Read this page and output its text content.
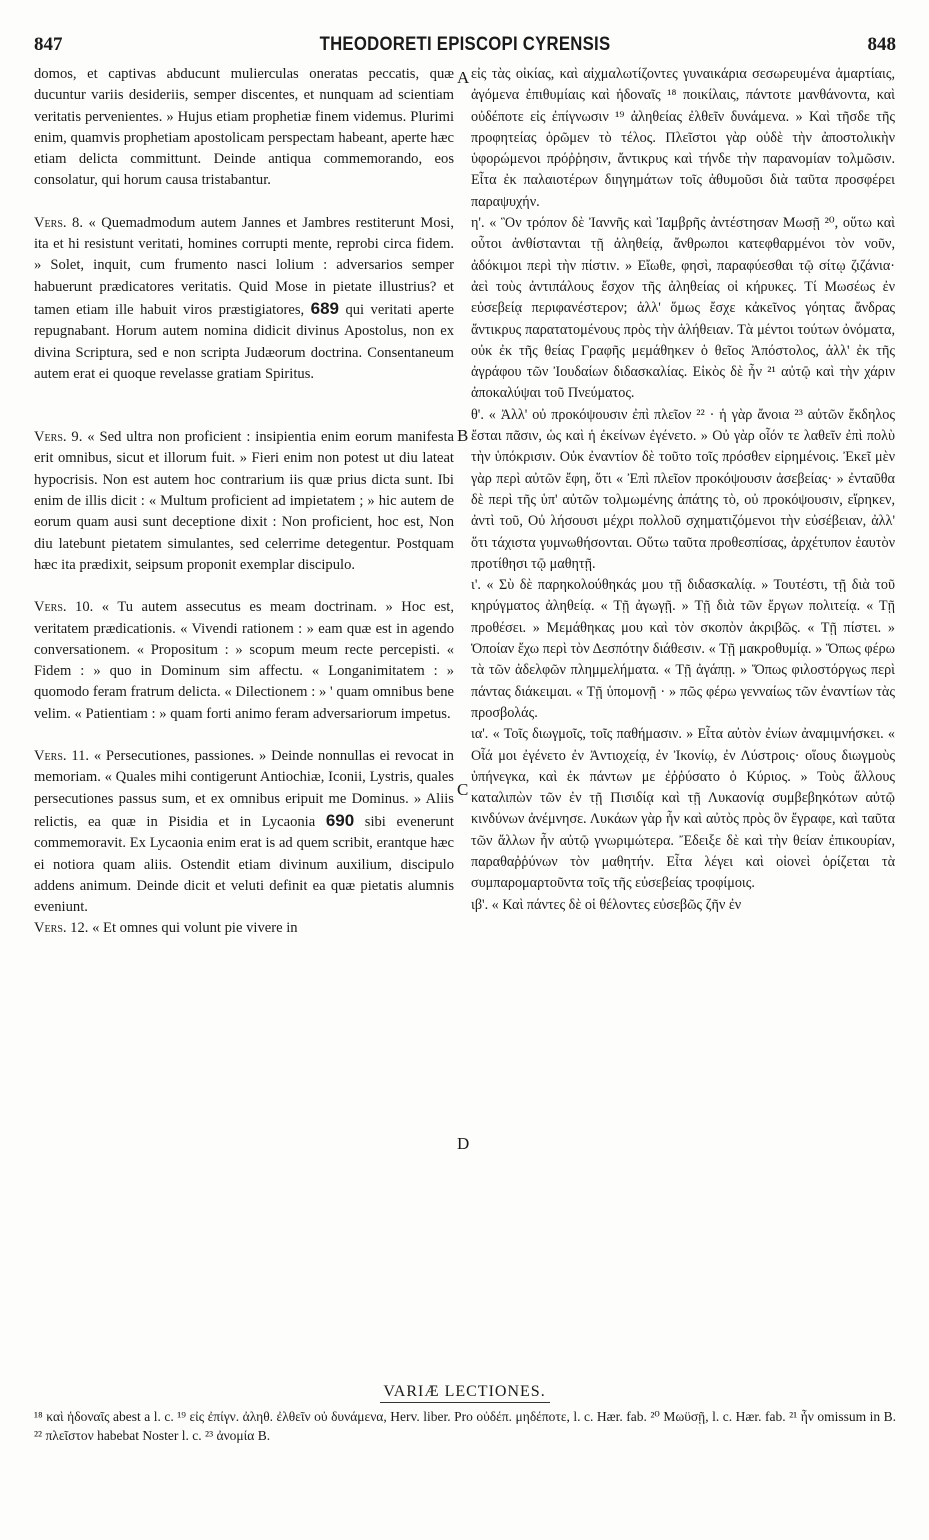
847	THEODORETI EPISCOPI CYRENSIS	848

domos, et captivas abducunt mulierculas oneratas peccatis, quæ ducuntur variis desideriis, semper discentes, et nunquam ad scientiam veritatis pervenientes. » Hujus etiam prophetiæ finem videmus. Plurimi enim, quamvis prophetiam apostolicam perspectam habeant, aperte hæc etiam delicta committunt. Deinde antiqua commemorando, eos consolatur, qui horum causa tristabantur.

Vers. 8. « Quemadmodum autem Jannes et Jambres restiterunt Mosi, ita et hi resistunt veritati, homines corrupti mente, reprobi circa fidem. » Solet, inquit, cum frumento nasci lolium : adversarios semper habuerunt prædicatores veritatis. Quid Mose in pietate illustrius? et tamen etiam ille habuit viros præstigiatores, 689 qui veritati aperte repugnabant. Horum autem nomina didicit divinus Apostolus, non ex divina Scriptura, sed e non scripta Judæorum doctrina. Consentaneum autem erat ei quoque revelasse gratiam Spiritus.

Vers. 9. « Sed ultra non proficient : insipientia enim eorum manifesta erit omnibus, sicut et illorum fuit. » Fieri enim non potest ut diu lateat hypocrisis. Non est autem hoc contrarium iis quæ prius dicta sunt. Ibi enim de illis dicit : « Multum proficient ad impietatem ; » hic autem de eorum quam ausi sunt deceptione dixit : Non proficient, hoc est, Non diu latebunt pietatem simulantes, sed celerrime detegentur. Postquam hæc ita prædixit, seipsum proponit exemplar discipulo.

Vers. 10. « Tu autem assecutus es meam doctrinam. » Hoc est, veritatem prædicationis. « Vivendi rationem : » eam quæ est in agendo conversationem. « Propositum : » scopum meum recte percepisti. « Fidem : » quo in Dominum sim affectu. « Longanimitatem : » quomodo feram fratrum delicta. « Dilectionem : » ' quam omnibus bene velim. « Patientiam : » quam forti animo feram adversariorum impetus.

Vers. 11. « Persecutiones, passiones. » Deinde nonnullas ei revocat in memoriam. « Quales mihi contigerunt Antiochiæ, Iconii, Lystris, quales persecutiones passus sum, et ex omnibus eripuit me Dominus. » Aliis relictis, ea quæ in Pisidia et in Lycaonia 690 sibi evenerunt commemoravit. Ex Lycaonia enim erat is ad quem scribit, erantque hæc ei notiora quam aliis. Ostendit etiam divinum auxilium, discipulo addens animum. Deinde dicit et veluti definit ea quæ pietatis alumnis eveniunt.

Vers. 12. « Et omnes qui volunt pie vivere in

A
B
C
D

εἰς τὰς οἰκίας, καὶ αἰχμαλωτίζοντες γυναικάρια σεσωρευμένα ἁμαρτίαις, ἀγόμενα ἐπιθυμίαις καὶ ἡδοναῖς ¹⁸ ποικίλαις, πάντοτε μανθάνοντα, καὶ οὐδέποτε εἰς ἐπίγνωσιν ¹⁹ ἀληθείας ἐλθεῖν δυνάμενα. » Καὶ τῆσδε τῆς προφητείας ὁρῶμεν τὸ τέλος. Πλεῖστοι γὰρ οὐδὲ τὴν ἀποστολικὴν ὑφορώμενοι πρόῤῥησιν, ἄντικρυς καὶ τήνδε τὴν παρανομίαν τολμῶσιν. Εἶτα ἐκ παλαιοτέρων διηγημάτων τοῖς ἀθυμοῦσι διὰ ταῦτα προσφέρει παραψυχήν.

η'. « Ὃν τρόπον δὲ Ἰαννῆς καὶ Ἰαμβρῆς ἀντέστησαν Μωσῇ ²⁰, οὕτω καὶ οὗτοι ἀνθίστανται τῇ ἀληθείᾳ, ἄνθρωποι κατεφθαρμένοι τὸν νοῦν, ἀδόκιμοι περὶ τὴν πίστιν. » Εἴωθε, φησὶ, παραφύεσθαι τῷ σίτῳ ζιζάνια· ἀεὶ τοὺς ἀντιπάλους ἔσχον τῆς ἀληθείας οἱ κήρυκες. Τί Μωσέως ἐν εὐσεβείᾳ περιφανέστερον; ἀλλ' ὅμως ἔσχε κἀκεῖνος γόητας ἄνδρας ἄντικρυς παρατατομένους πρὸς τὴν ἀλήθειαν. Τὰ μέντοι τούτων ὀνόματα, οὐκ ἐκ τῆς θείας Γραφῆς μεμάθηκεν ὁ θεῖος Ἀπόστολος, ἀλλ' ἐκ τῆς ἀγράφου τῶν Ἰουδαίων διδασκαλίας. Εἰκὸς δὲ ἦν ²¹ αὐτῷ καὶ τὴν χάριν ἀποκαλύψαι τοῦ Πνεύματος.

θ'. « Ἀλλ' οὐ προκόψουσιν ἐπὶ πλεῖον ²² · ἡ γὰρ ἄνοια ²³ αὐτῶν ἔκδηλος ἔσται πᾶσιν, ὡς καὶ ἡ ἐκείνων ἐγένετο. » Οὐ γὰρ οἷόν τε λαθεῖν ἐπὶ πολὺ τὴν ὑπόκρισιν. Οὐκ ἐναντίον δὲ τοῦτο τοῖς πρόσθεν εἰρημένοις. Ἐκεῖ μὲν γὰρ περὶ αὐτῶν ἔφη, ὅτι « Ἐπὶ πλεῖον προκόψουσιν ἀσεβείας· » ἐνταῦθα δὲ περὶ τῆς ὑπ' αὐτῶν τολμωμένης ἀπάτης τὸ, οὐ προκόψουσιν, εἴρηκεν, ἀντὶ τοῦ, Οὐ λήσουσι μέχρι πολλοῦ σχηματιζόμενοι τὴν εὐσέβειαν, ἀλλ' ὅτι τάχιστα γυμνωθήσονται. Οὕτω ταῦτα προθεσπίσας, ἀρχέτυπον ἑαυτὸν προτίθησι τῷ μαθητῇ.

ι'. « Σὺ δὲ παρηκολούθηκάς μου τῇ διδασκαλίᾳ. » Τουτέστι, τῇ διὰ τοῦ κηρύγματος ἀληθείᾳ. « Τῇ ἀγωγῇ. » Τῇ διὰ τῶν ἔργων πολιτείᾳ. « Τῇ προθέσει. » Μεμάθηκας μου καὶ τὸν σκοπὸν ἀκριβῶς. « Τῇ πίστει. » Ὁποίαν ἔχω περὶ τὸν Δεσπότην διάθεσιν. « Τῇ μακροθυμίᾳ. » Ὅπως φέρω τὰ τῶν ἀδελφῶν πλημμελήματα. « Τῇ ἀγάπῃ. » Ὅπως φιλοστόργως περὶ πάντας διάκειμαι. « Τῇ ὑπομονῇ · » πῶς φέρω γενναίως τῶν ἐναντίων τὰς προσβολάς.

ια'. « Τοῖς διωγμοῖς, τοῖς παθήμασιν. » Εἶτα αὐτὸν ἐνίων ἀναμιμνήσκει. « Οἷά μοι ἐγένετο ἐν Ἀντιοχείᾳ, ἐν Ἰκονίῳ, ἐν Λύστροις· οἵους διωγμοὺς ὑπήνεγκα, καὶ ἐκ πάντων με ἐῤῥύσατο ὁ Κύριος. » Τοὺς ἄλλους καταλιπὼν τῶν ἐν τῇ Πισιδίᾳ καὶ τῇ Λυκαονίᾳ συμβεβηκότων αὐτῷ κινδύνων ἀνέμνησε. Λυκάων γὰρ ἦν καὶ αὐτὸς πρὸς ὃν ἔγραφε, καὶ ταῦτα τῶν ἄλλων ἦν αὐτῷ γνωριμώτερα. Ἔδειξε δὲ καὶ τὴν θείαν ἐπικουρίαν, παραθαῤῥύνων τὸν μαθητήν. Εἶτα λέγει καὶ οἱονεὶ ὁρίζεται τὰ συμπαρομαρτοῦντα τοῖς τῆς εὐσεβείας τροφίμοις.

ιβ'. « Καὶ πάντες δὲ οἱ θέλοντες εὐσεβῶς ζῆν ἐν

VARIÆ LECTIONES.
¹⁸ καὶ ἡδοναῖς abest a l. c. ¹⁹ εἰς ἐπίγν. ἀληθ. ἐλθεῖν οὐ δυνάμενα, Herv. liber. Pro οὐδέπ. μηδέποτε, l. c. Hær. fab. ²⁰ Μωϋσῇ, l. c. Hær. fab. ²¹ ἦν omissum in B. ²² πλεῖστον habebat Noster l. c. ²³ ἀνομία B.
